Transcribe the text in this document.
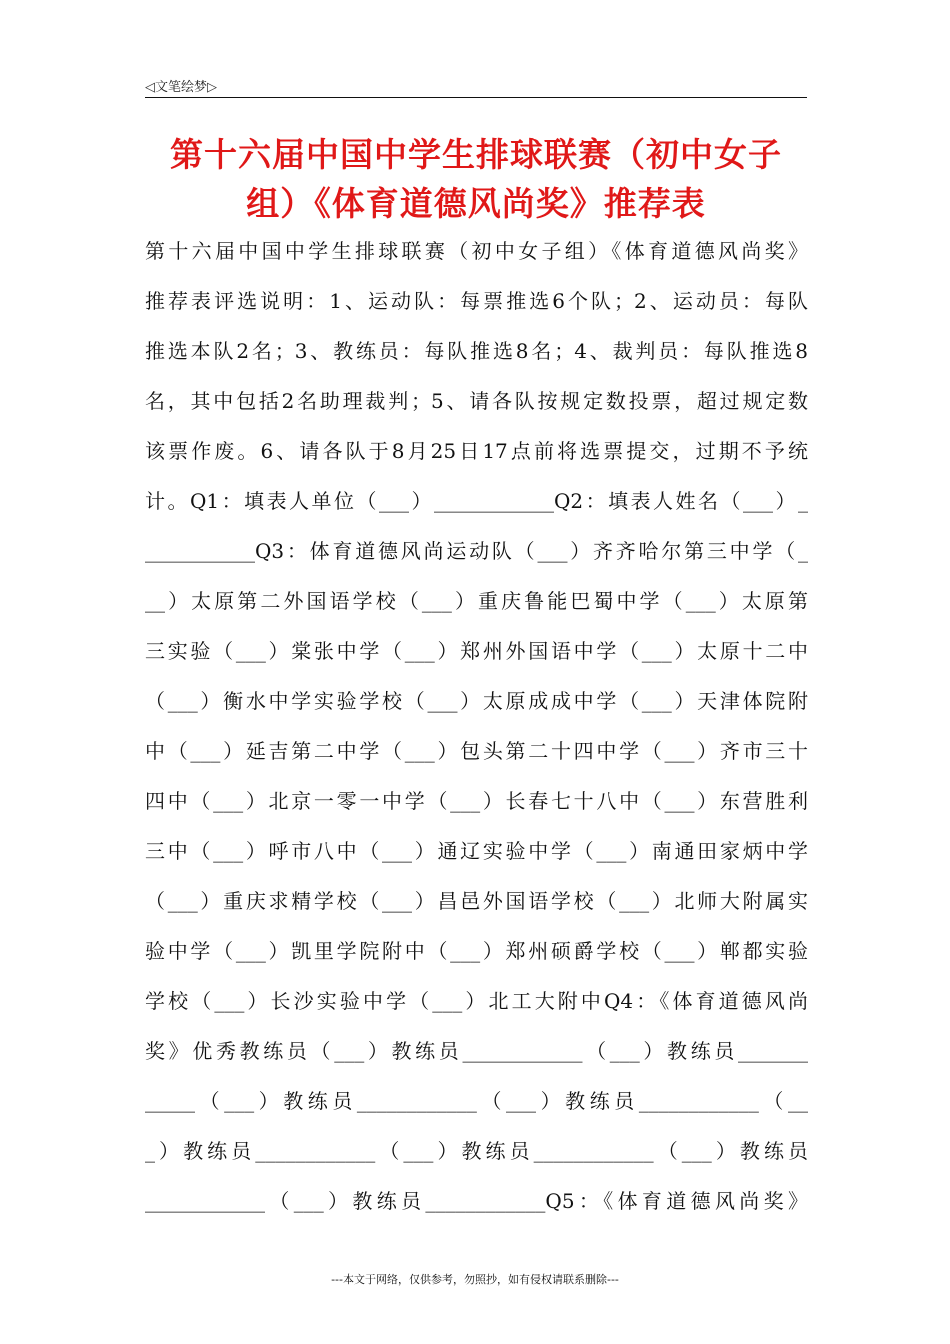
◁文笔绘梦▷
第十六届中国中学生排球联赛（初中女子
组）《体育道德风尚奖》推荐表
第十六届中国中学生排球联赛（初中女子组）《体育道德风尚奖》
推荐表评选说明：1、运动队：每票推选6个队；2、运动员：每队
推选本队2名；3、教练员：每队推选8名；4、裁判员：每队推选8
名，其中包括2名助理裁判；5、请各队按规定数投票，超过规定数
该票作废。6、请各队于8月25日17点前将选票提交，过期不予统
计。Q1：填表人单位（___）____________Q2：填表人姓名（___）_
___________Q3：体育道德风尚运动队（___）齐齐哈尔第三中学（_
__）太原第二外国语学校（___）重庆鲁能巴蜀中学（___）太原第
三实验（___）棠张中学（___）郑州外国语中学（___）太原十二中
（___）衡水中学实验学校（___）太原成成中学（___）天津体院附
中（___）延吉第二中学（___）包头第二十四中学（___）齐市三十
四中（___）北京一零一中学（___）长春七十八中（___）东营胜利
三中（___）呼市八中（___）通辽实验中学（___）南通田家炳中学
（___）重庆求精学校（___）昌邑外国语学校（___）北师大附属实
验中学（___）凯里学院附中（___）郑州硕爵学校（___）郸都实验
学校（___）长沙实验中学（___）北工大附中Q4：《体育道德风尚
奖》优秀教练员（___）教练员____________（___）教练员_______
_____（___）教练员____________（___）教练员____________（__
_）教练员____________（___）教练员____________（___）教练员
____________（___）教练员____________Q5：《体育道德风尚奖》
---本文于网络，仅供参考，勿照抄，如有侵权请联系删除---
